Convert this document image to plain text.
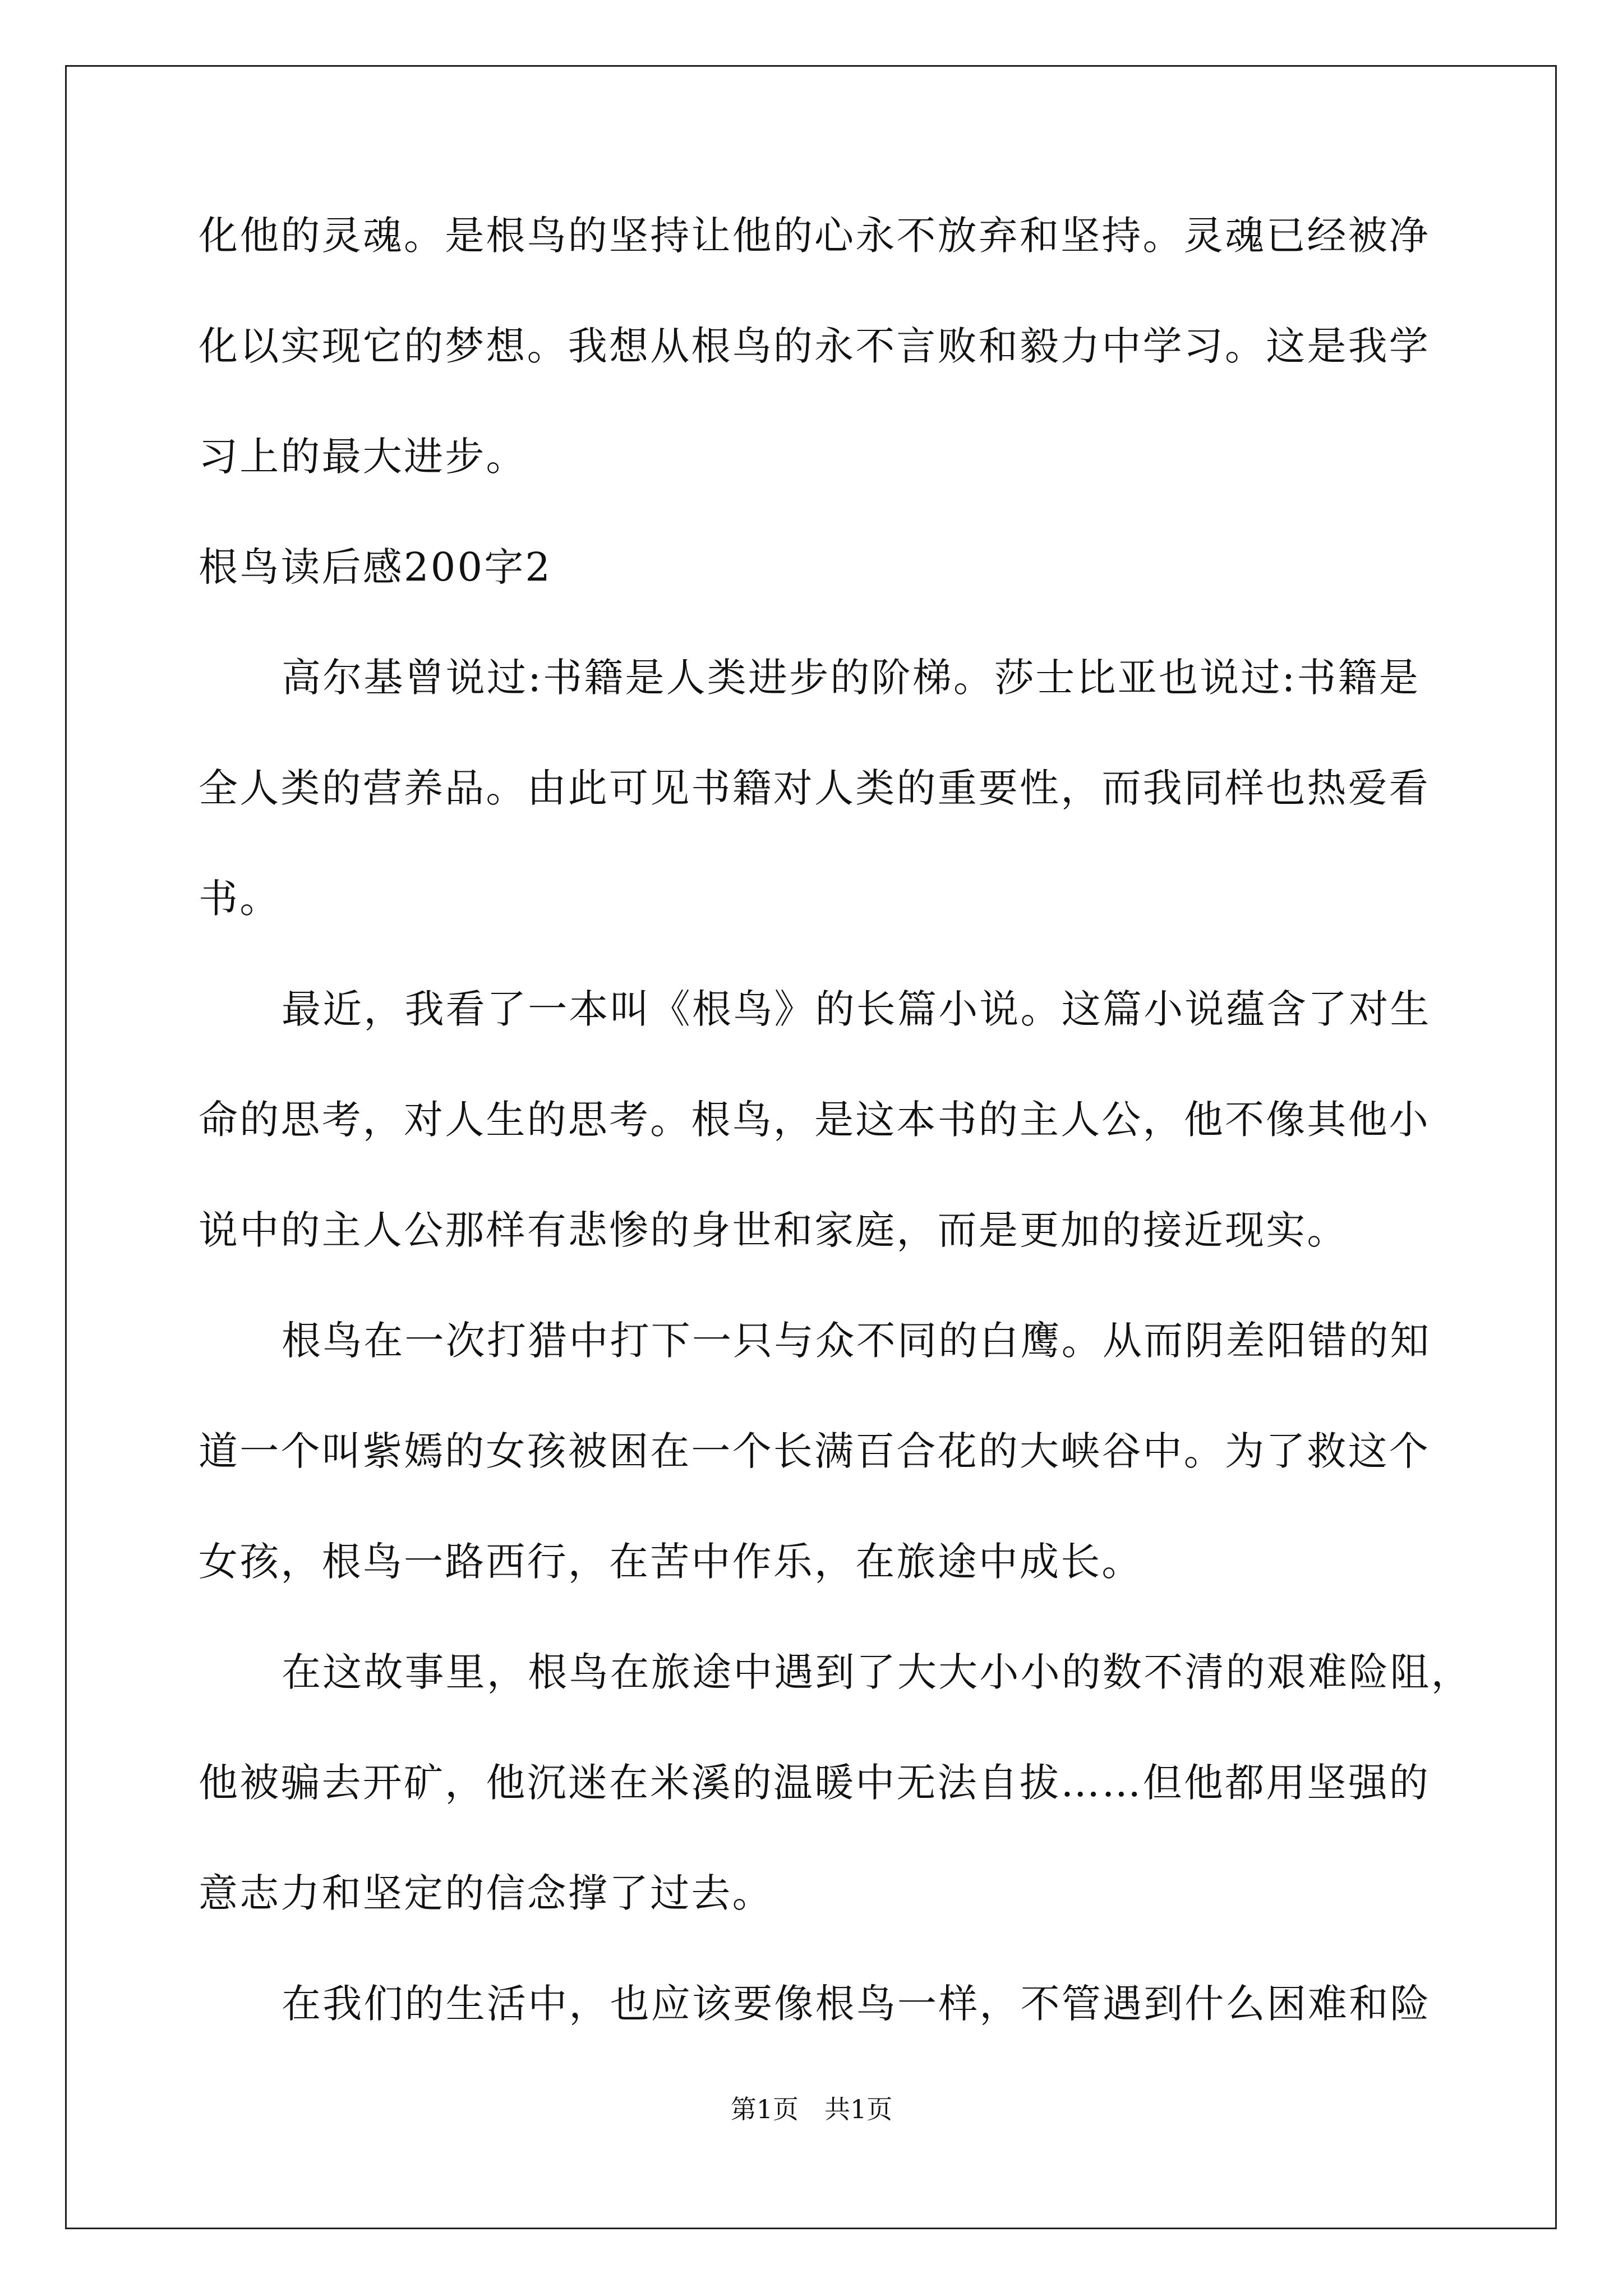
化他的灵魂。是根鸟的坚持让他的心永不放弃和坚持。灵魂已经被净
化以实现它的梦想。我想从根鸟的永不言败和毅力中学习。这是我学
习上的最大进步。
根鸟读后感200字2
高尔基曾说过:书籍是人类进步的阶梯。莎士比亚也说过:书籍是
全人类的营养品。由此可见书籍对人类的重要性，而我同样也热爱看
书。
最近，我看了一本叫《根鸟》的长篇小说。这篇小说蕴含了对生
命的思考，对人生的思考。根鸟，是这本书的主人公，他不像其他小
说中的主人公那样有悲惨的身世和家庭，而是更加的接近现实。
根鸟在一次打猎中打下一只与众不同的白鹰。从而阴差阳错的知
道一个叫紫嫣的女孩被困在一个长满百合花的大峡谷中。为了救这个
女孩，根鸟一路西行，在苦中作乐，在旅途中成长。
在这故事里，根鸟在旅途中遇到了大大小小的数不清的艰难险阻，
他被骗去开矿，他沉迷在米溪的温暖中无法自拔……但他都用坚强的
意志力和坚定的信念撑了过去。
在我们的生活中，也应该要像根鸟一样，不管遇到什么困难和险
第1页　共1页
